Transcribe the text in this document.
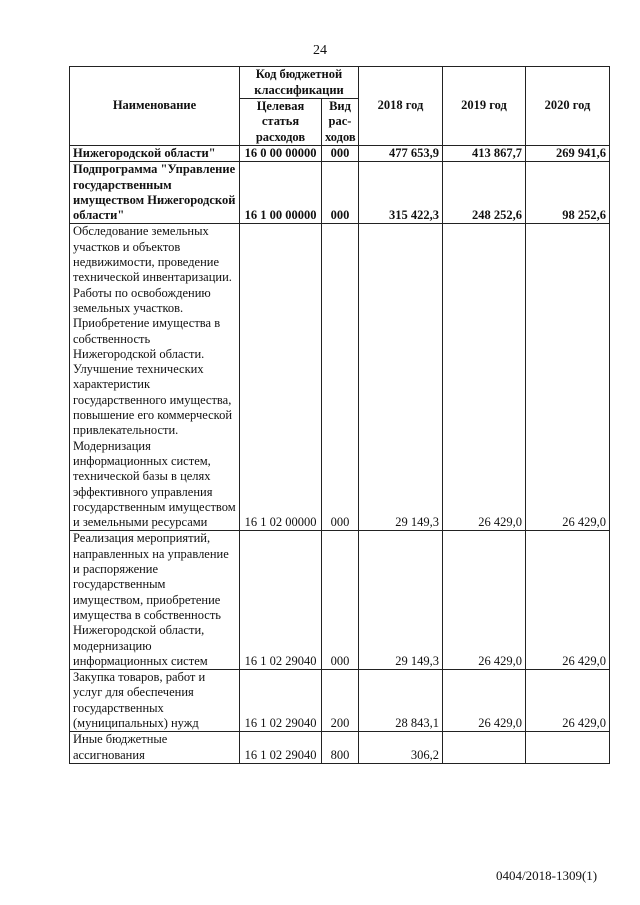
24
Наименование	Код бюджетной классификации		2018 год	2019 год	2020 год
	Целевая статья расходов	Вид рас-ходов			
Нижегородской области"	16 0 00 00000	000	477 653,9	413 867,7	269 941,6
Подпрограмма "Управление государственным имуществом Нижегородской области"	16 1 00 00000	000	315 422,3	248 252,6	98 252,6
Обследование земельных участков и объектов недвижимости, проведение технической инвентаризации. Работы по освобождению земельных участков. Приобретение имущества в собственность Нижегородской области. Улучшение технических характеристик государственного имущества, повышение его коммерческой привлекательности. Модернизация информационных систем, технической базы в целях эффективного управления государственным имуществом и земельными ресурсами	16 1 02 00000	000	29 149,3	26 429,0	26 429,0
Реализация мероприятий, направленных на управление и распоряжение государственным имуществом, приобретение имущества в собственность Нижегородской области, модернизацию информационных систем	16 1 02 29040	000	29 149,3	26 429,0	26 429,0
Закупка товаров, работ и услуг для обеспечения государственных (муниципальных) нужд	16 1 02 29040	200	28 843,1	26 429,0	26 429,0
Иные бюджетные ассигнования	16 1 02 29040	800	306,2		
0404/2018-1309(1)
